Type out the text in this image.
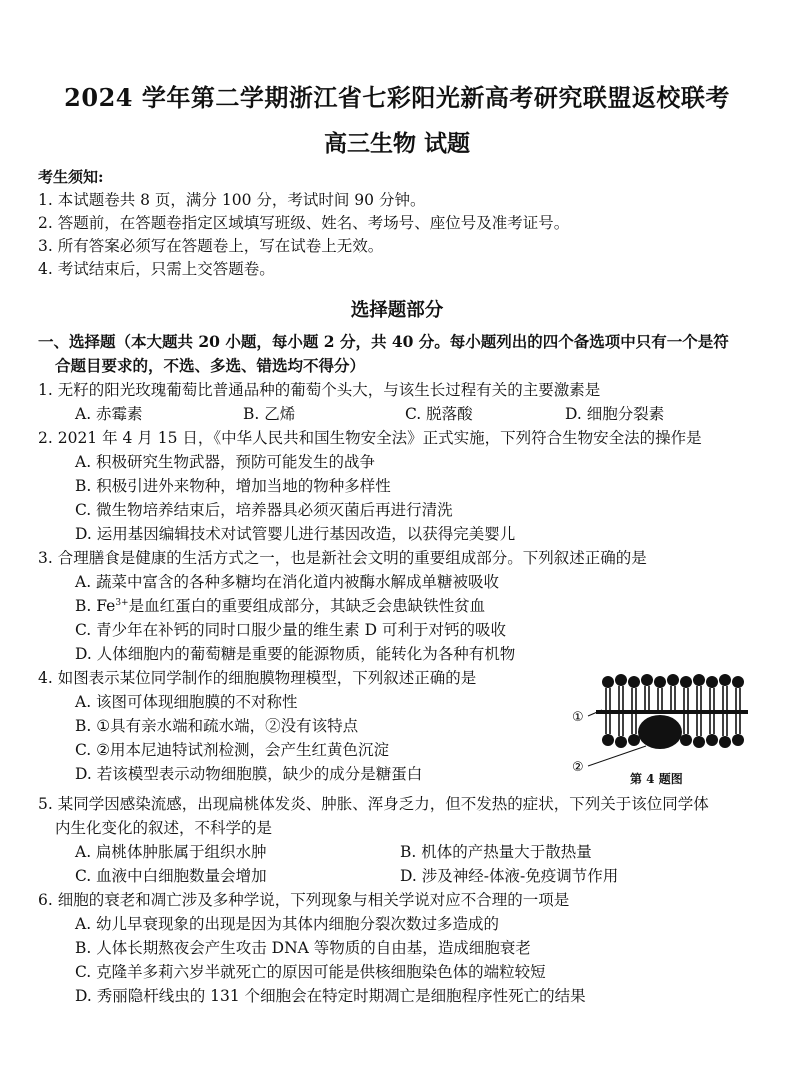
2024 学年第二学期浙江省七彩阳光新高考研究联盟返校联考
高三生物 试题
考生须知:
1. 本试题卷共 8 页，满分 100 分，考试时间 90 分钟。
2. 答题前，在答题卷指定区域填写班级、姓名、考场号、座位号及准考证号。
3. 所有答案必须写在答题卷上，写在试卷上无效。
4. 考试结束后，只需上交答题卷。
选择题部分
一、选择题（本大题共 20 小题，每小题 2 分，共 40 分。每小题列出的四个备选项中只有一个是符
合题目要求的，不选、多选、错选均不得分）
1. 无籽的阳光玫瑰葡萄比普通品种的葡萄个头大，与该生长过程有关的主要激素是
A. 赤霉素	B. 乙烯	C. 脱落酸	D. 细胞分裂素
2. 2021 年 4 月 15 日，《中华人民共和国生物安全法》正式实施，下列符合生物安全法的操作是
A. 积极研究生物武器，预防可能发生的战争
B. 积极引进外来物种，增加当地的物种多样性
C. 微生物培养结束后，培养器具必须灭菌后再进行清洗
D. 运用基因编辑技术对试管婴儿进行基因改造，以获得完美婴儿
3. 合理膳食是健康的生活方式之一，也是新社会文明的重要组成部分。下列叙述正确的是
A. 蔬菜中富含的各种多糖均在消化道内被酶水解成单糖被吸收
B. $Fe^{3+}$是血红蛋白的重要组成部分，其缺乏会患缺铁性贫血
C. 青少年在补钙的同时口服少量的维生素 D 可利于对钙的吸收
D. 人体细胞内的葡萄糖是重要的能源物质，能转化为各种有机物
4. 如图表示某位同学制作的细胞膜物理模型，下列叙述正确的是
A. 该图可体现细胞膜的不对称性
B. ①具有亲水端和疏水端，②没有该特点
C. ②用本尼迪特试剂检测，会产生红黄色沉淀
D. 若该模型表示动物细胞膜，缺少的成分是糖蛋白
①
②
第 4 题图
5. 某同学因感染流感，出现扁桃体发炎、肿胀、浑身乏力，但不发热的症状，下列关于该位同学体
内生化变化的叙述，不科学的是
A. 扁桃体肿胀属于组织水肿	B. 机体的产热量大于散热量
C. 血液中白细胞数量会增加	D. 涉及神经-体液-免疫调节作用
6. 细胞的衰老和凋亡涉及多种学说，下列现象与相关学说对应不合理的一项是
A. 幼儿早衰现象的出现是因为其体内细胞分裂次数过多造成的
B. 人体长期熬夜会产生攻击 DNA 等物质的自由基，造成细胞衰老
C. 克隆羊多莉六岁半就死亡的原因可能是供核细胞染色体的端粒较短
D. 秀丽隐杆线虫的 131 个细胞会在特定时期凋亡是细胞程序性死亡的结果
